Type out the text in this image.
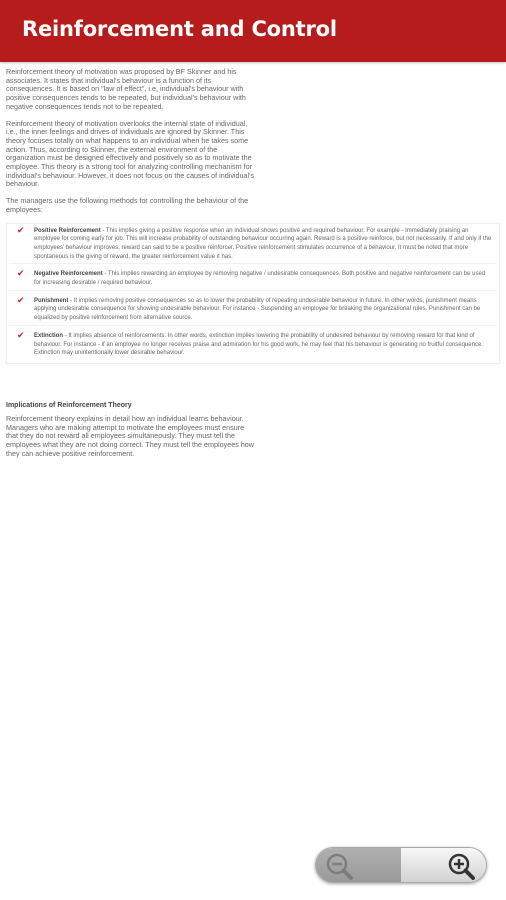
Reinforcement and Control

Reinforcement theory of motivation was proposed by BF Skinner and his associates. It states that individual's behaviour is a function of its consequences. It is based on "law of effect", i.e, individual's behaviour with positive consequences tends to be repeated, but individual's behaviour with negative consequences tends not to be repeated.

Reinforcement theory of motivation overlooks the internal state of individual, i.e., the inner feelings and drives of individuals are ignored by Skinner. This theory focuses totally on what happens to an individual when he takes some action. Thus, according to Skinner, the external environment of the organization must be designed effectively and positively so as to motivate the employee. This theory is a strong tool for analyzing controlling mechanism for individual's behaviour. However, it does not focus on the causes of individual's behaviour.

The managers use the following methods for controlling the behaviour of the employees:

✔ Positive Reinforcement - This implies giving a positive response when an individual shows positive and required behaviour. For example - Immediately praising an employee for coming early for job. This will increase probability of outstanding behaviour occurring again. Reward is a positive reinforce, but not necessarily. If and only if the employees' behaviour improves, reward can said to be a positive reinforcer. Positive reinforcement stimulates occurrence of a behaviour. It must be noted that more spontaneous is the giving of reward, the greater reinforcement value it has.
✔ Negative Reinforcement - This implies rewarding an employee by removing negative / undesirable consequences. Both positive and negative reinforcement can be used for increasing desirable / required behaviour.
✔ Punishment - It implies removing positive consequences so as to lower the probability of repeating undesirable behaviour in future. In other words, punishment means applying undesirable consequence for showing undesirable behaviour. For instance - Suspending an employee for breaking the organizational rules. Punishment can be equalized by positive reinforcement from alternative source.
✔ Extinction - It implies absence of reinforcements. In other words, extinction implies lowering the probability of undesired behaviour by removing reward for that kind of behaviour. For instance - if an employee no longer receives praise and admiration for his good work, he may feel that his behaviour is generating no fruitful consequence. Extinction may unintentionally lower desirable behaviour.
Implications of Reinforcement Theory

Reinforcement theory explains in detail how an individual learns behaviour. Managers who are making attempt to motivate the employees must ensure that they do not reward all employees simultaneously. They must tell the employees what they are not doing correct. They must tell the employees how they can achieve positive reinforcement.
